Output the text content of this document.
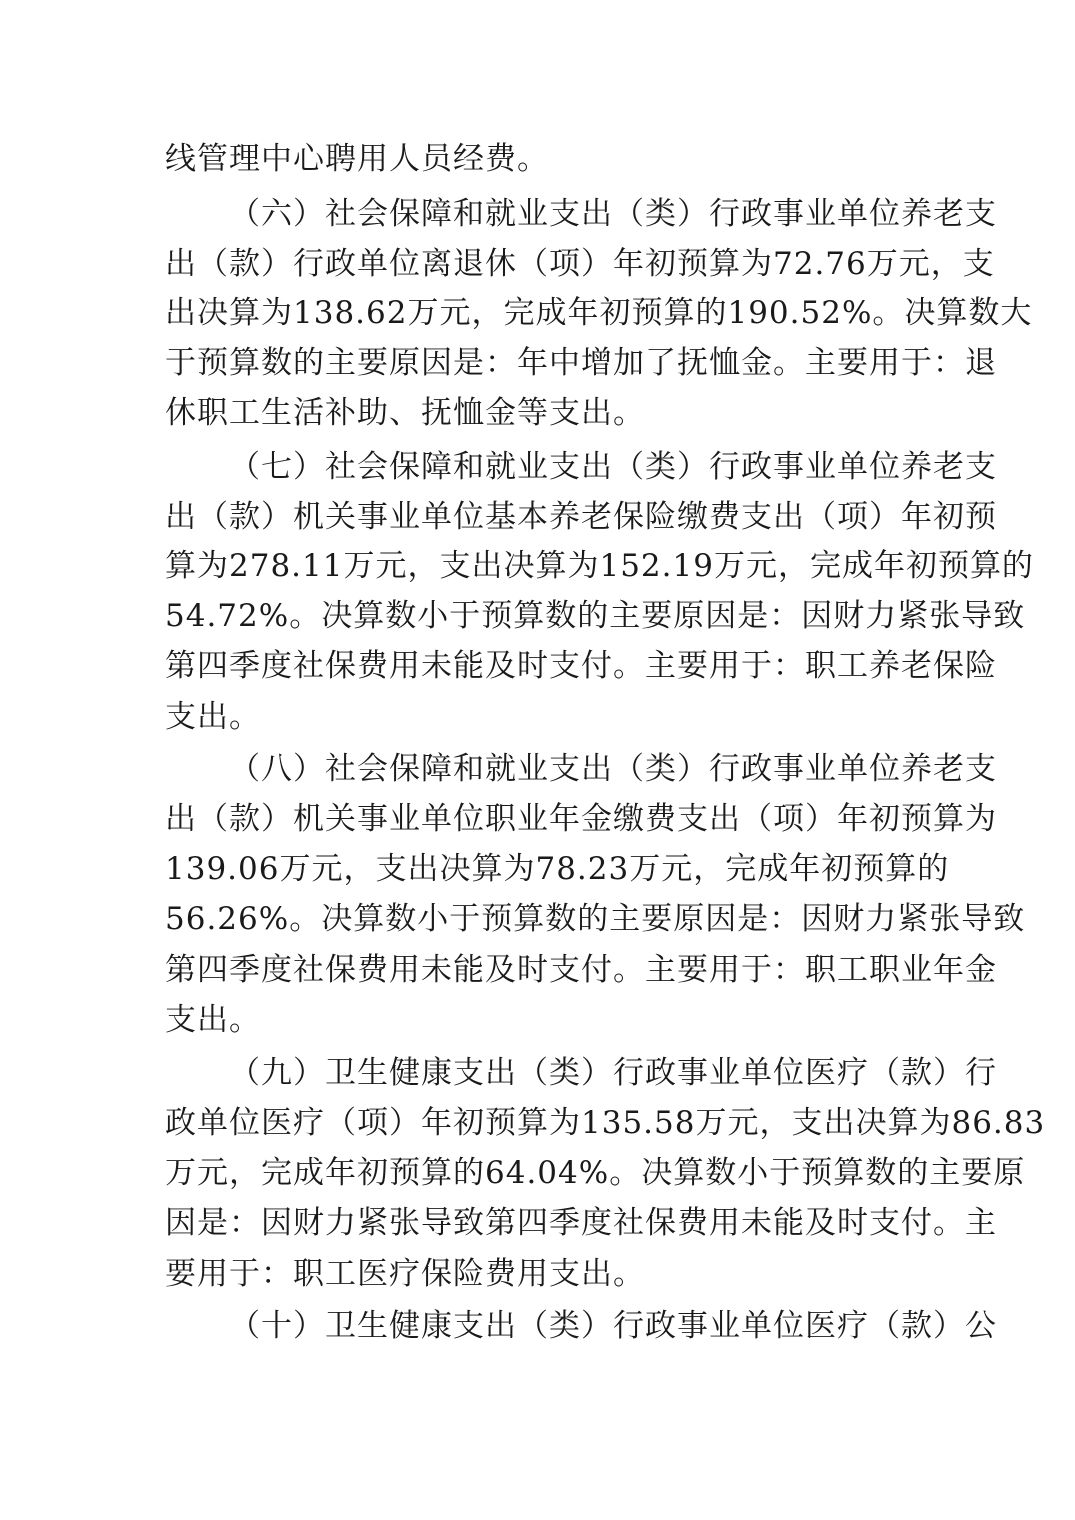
线管理中心聘用人员经费。
（六）社会保障和就业支出（类）行政事业单位养老支
出（款）行政单位离退休（项）年初预算为72.76万元，支
出决算为138.62万元，完成年初预算的190.52%。决算数大
于预算数的主要原因是：年中增加了抚恤金。主要用于：退
休职工生活补助、抚恤金等支出。
（七）社会保障和就业支出（类）行政事业单位养老支
出（款）机关事业单位基本养老保险缴费支出（项）年初预
算为278.11万元，支出决算为152.19万元，完成年初预算的
54.72%。决算数小于预算数的主要原因是：因财力紧张导致
第四季度社保费用未能及时支付。主要用于：职工养老保险
支出。
（八）社会保障和就业支出（类）行政事业单位养老支
出（款）机关事业单位职业年金缴费支出（项）年初预算为
139.06万元，支出决算为78.23万元，完成年初预算的
56.26%。决算数小于预算数的主要原因是：因财力紧张导致
第四季度社保费用未能及时支付。主要用于：职工职业年金
支出。
（九）卫生健康支出（类）行政事业单位医疗（款）行
政单位医疗（项）年初预算为135.58万元，支出决算为86.83
万元，完成年初预算的64.04%。决算数小于预算数的主要原
因是：因财力紧张导致第四季度社保费用未能及时支付。主
要用于：职工医疗保险费用支出。
（十）卫生健康支出（类）行政事业单位医疗（款）公
